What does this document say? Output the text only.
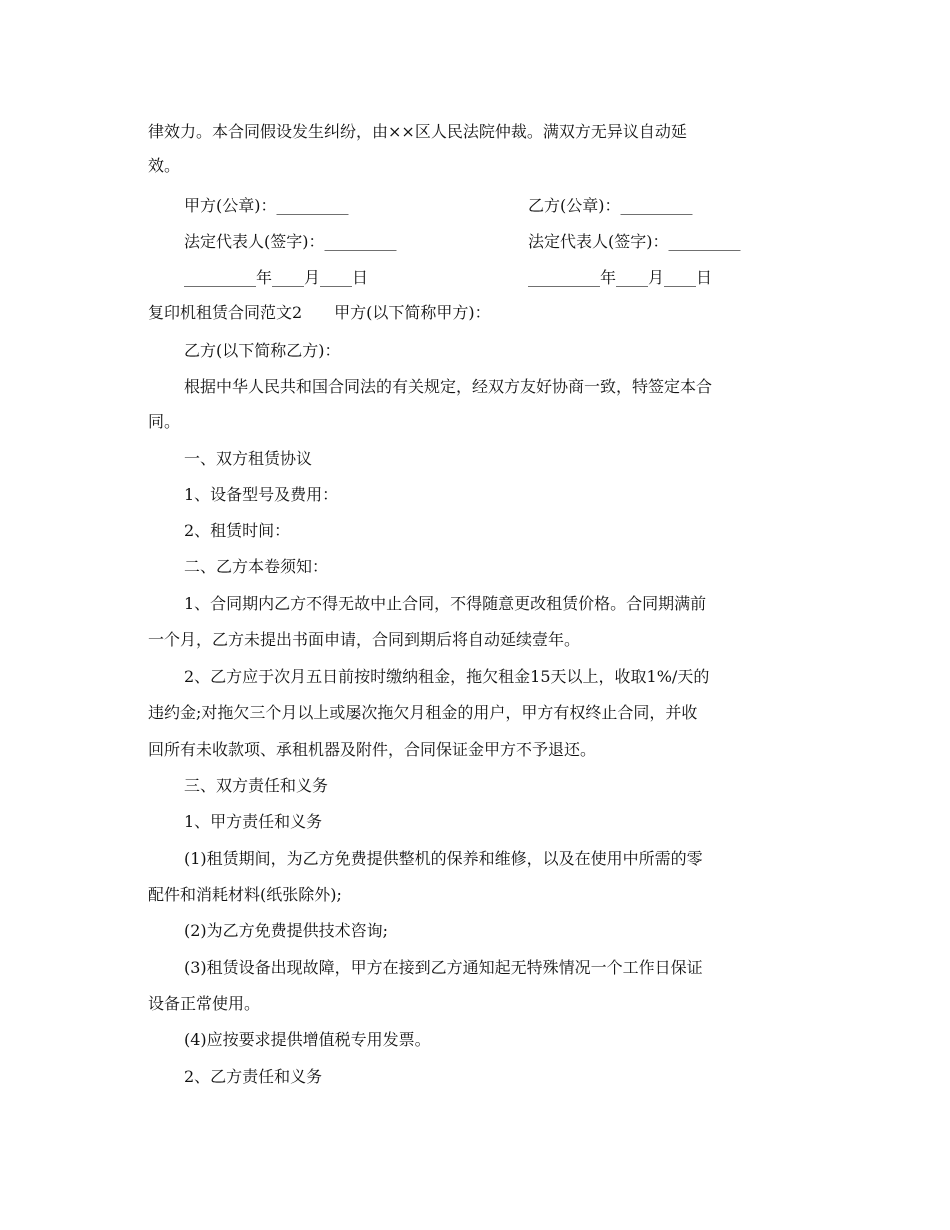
律效力。本合同假设发生纠纷，由××区人民法院仲裁。满双方无异议自动延
效。
甲方(公章)：_________	乙方(公章)：_________
法定代表人(签字)：_________	法定代表人(签字)：_________
_________年____月____日	_________年____月____日
复印机租赁合同范文2　　甲方(以下简称甲方)：
乙方(以下简称乙方)：
根据中华人民共和国合同法的有关规定，经双方友好协商一致，特签定本合
同。
一、双方租赁协议
1、设备型号及费用：
2、租赁时间：
二、乙方本卷须知：
1、合同期内乙方不得无故中止合同，不得随意更改租赁价格。合同期满前
一个月，乙方未提出书面申请，合同到期后将自动延续壹年。
2、乙方应于次月五日前按时缴纳租金，拖欠租金15天以上，收取1%/天的
违约金;对拖欠三个月以上或屡次拖欠月租金的用户，甲方有权终止合同，并收
回所有未收款项、承租机器及附件，合同保证金甲方不予退还。
三、双方责任和义务
1、甲方责任和义务
(1)租赁期间，为乙方免费提供整机的保养和维修，以及在使用中所需的零
配件和消耗材料(纸张除外);
(2)为乙方免费提供技术咨询;
(3)租赁设备出现故障，甲方在接到乙方通知起无特殊情况一个工作日保证
设备正常使用。
(4)应按要求提供增值税专用发票。
2、乙方责任和义务
